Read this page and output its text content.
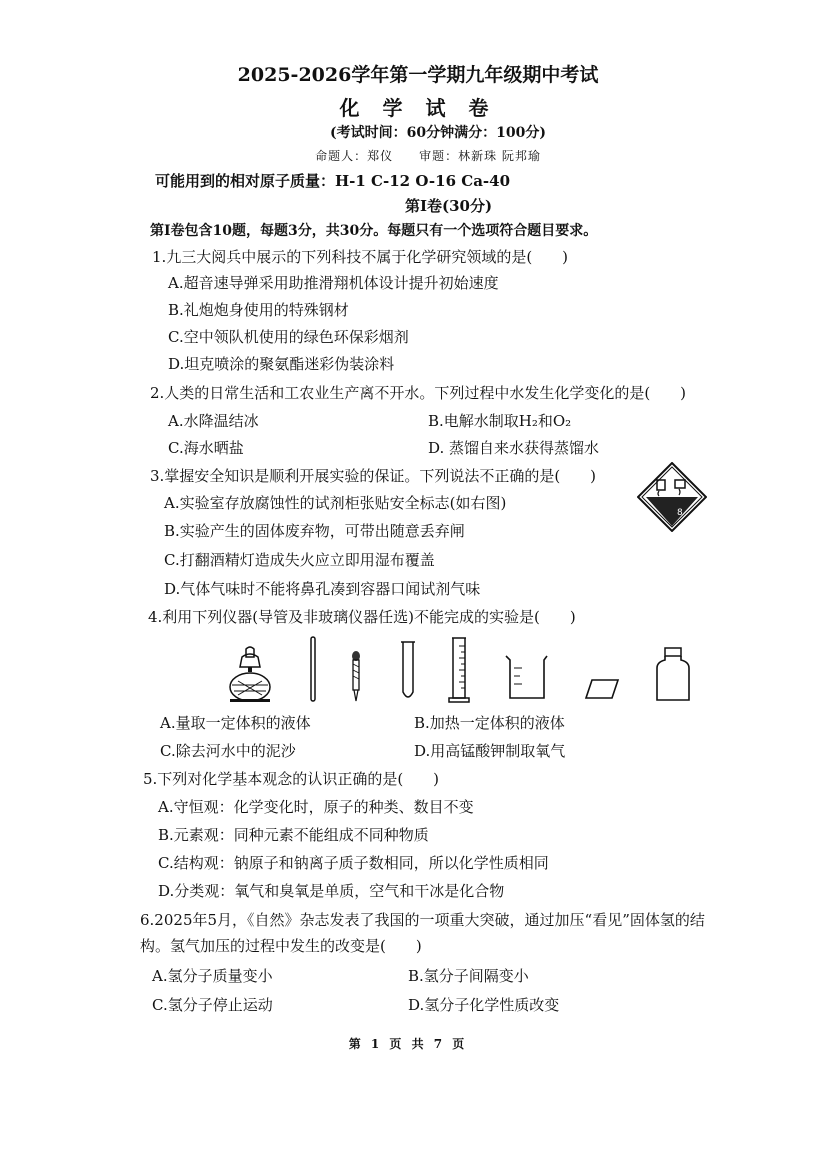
2025-2026学年第一学期九年级期中考试
化 学 试 卷
(考试时间：60分钟满分：100分)
命题人：郑仪　　审题：林新珠 阮邦瑜
可能用到的相对原子质量：H-1 C-12 O-16 Ca-40
第Ⅰ卷(30分)
第Ⅰ卷包含10题，每题3分，共30分。每题只有一个选项符合题目要求。
1.九三大阅兵中展示的下列科技不属于化学研究领域的是(　　)
A.超音速导弹采用助推滑翔机体设计提升初始速度
B.礼炮炮身使用的特殊钢材
C.空中领队机使用的绿色环保彩烟剂
D.坦克喷涂的聚氨酯迷彩伪装涂料
2.人类的日常生活和工农业生产离不开水。下列过程中水发生化学变化的是(　　)
A.水降温结冰	B.电解水制取H₂和O₂
C.海水晒盐	D. 蒸馏自来水获得蒸馏水
3.掌握安全知识是顺利开展实验的保证。下列说法不正确的是(　　)
A.实验室存放腐蚀性的试剂柜张贴安全标志(如右图)
B.实验产生的固体废弃物，可带出随意丢弃闸
C.打翻酒精灯造成失火应立即用湿布覆盖
D.气体气味时不能将鼻孔凑到容器口闻试剂气味
8
4.利用下列仪器(导管及非玻璃仪器任选)不能完成的实验是(　　)
A.量取一定体积的液体	B.加热一定体积的液体
C.除去河水中的泥沙	D.用高锰酸钾制取氧气
5.下列对化学基本观念的认识正确的是(　　)
A.守恒观：化学变化时，原子的种类、数目不变
B.元素观：同种元素不能组成不同种物质
C.结构观：钠原子和钠离子质子数相同，所以化学性质相同
D.分类观：氧气和臭氧是单质，空气和干冰是化合物
6.2025年5月，《自然》杂志发表了我国的一项重大突破，通过加压“看见”固体氢的结
构。氢气加压的过程中发生的改变是(　　)
A.氢分子质量变小	B.氢分子间隔变小
C.氢分子停止运动	D.氢分子化学性质改变
第 1 页 共 7 页
